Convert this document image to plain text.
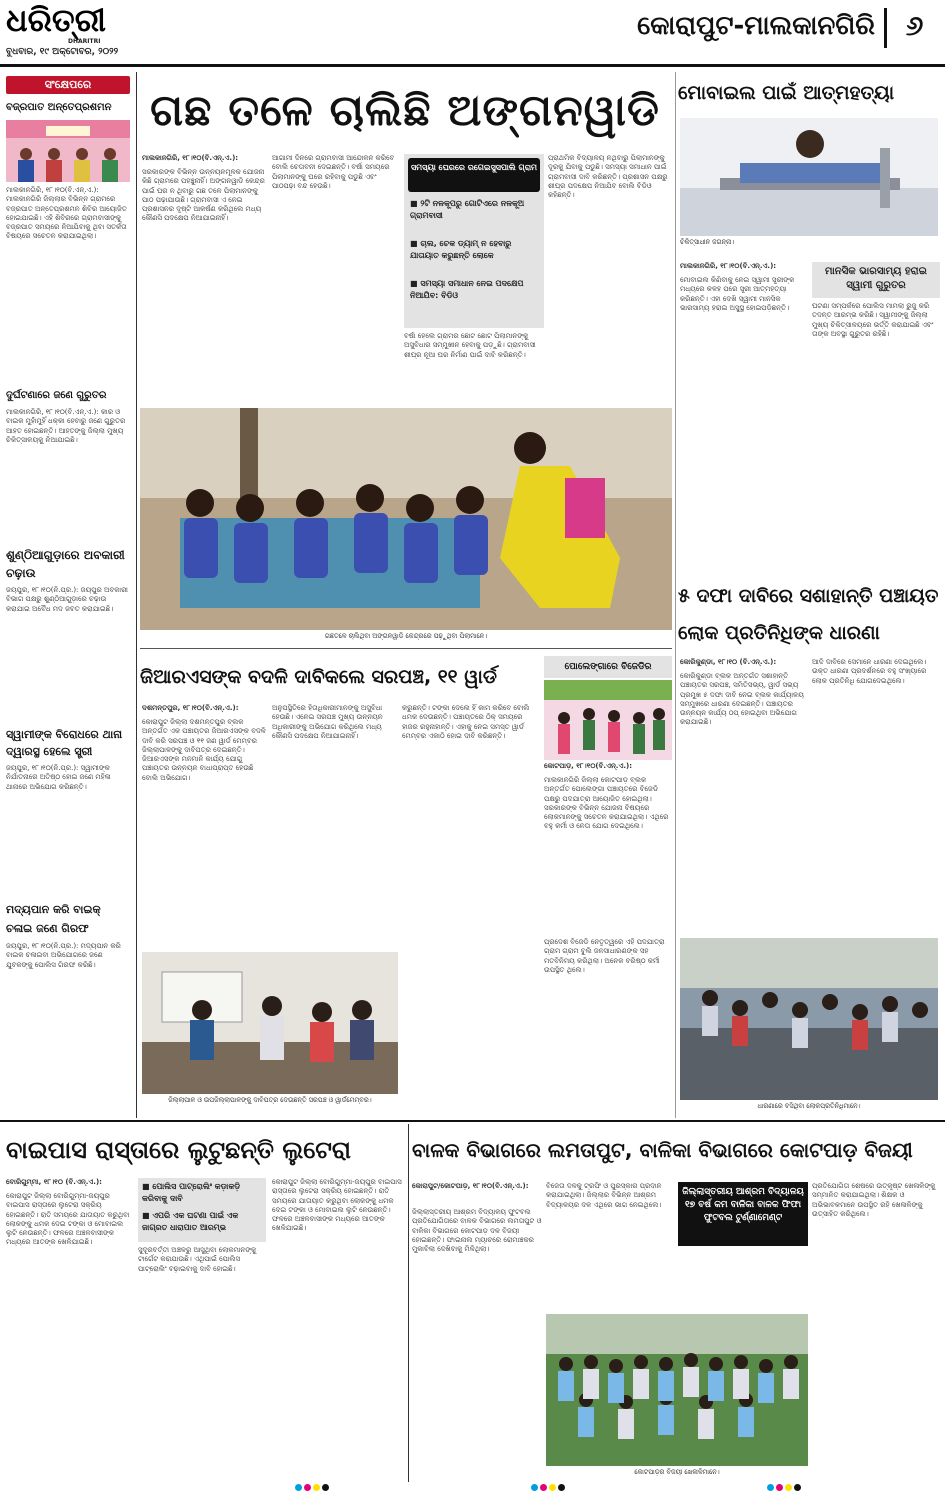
ଧରିତ୍ରୀ
DHARITRI
ବୁଧବାର, ୧୯ ଅକ୍ଟୋବର, ୨୦୨୨
କୋରାପୁଟ-ମାଲକାନଗିରି	୬
ସଂକ୍ଷେପରେ
ବଜ୍ରପାତ ଅନ୍ତେପ୍ରଶମନ
ମାଲକାନଗିରି, ୧୮।୧୦(ବି.ଏନ୍.ଏ.): ମାଲକାନଗିରି ଜିଲ୍ଲାର ବିଭିନ୍ନ ଗ୍ରାମରେ ବଜ୍ରପାତ ଅନ୍ତେପ୍ରଶମନ ଶିବିର ଆୟୋଜିତ ହୋଇଯାଇଛି। ଏହି ଶିବିରରେ ଗ୍ରାମବାସୀଙ୍କୁ ବଜ୍ରପାତ ସମୟରେ ନିଆଯିବାକୁ ଥିବା ସତର୍କତା ବିଷୟରେ ସଚେତନ କରାଯାଇଥିଲା।
ଦୁର୍ଘଟଣାରେ ଜଣେ ଗୁରୁତର
ମାଲକାନଗିରି, ୧୮।୧୦(ବି.ଏନ୍.ଏ.): କାର ଓ ବାଇକ ମୁହାଁମୁହିଁ ଧକ୍କା ହେବାରୁ ଜଣେ ଗୁରୁତର ଆହତ ହୋଇଛନ୍ତି। ଆହତଙ୍କୁ ଜିଲ୍ଲା ମୁଖ୍ୟ ଚିକିତ୍ସାଳୟକୁ ନିଆଯାଇଛି।
ଶୁଣ୍ଠିଆଗୁଡ଼ାରେ ଅବକାରୀ ଚଢ଼ାଉ
ଜୟପୁର, ୧୮।୧୦(ନି.ପ୍ର.): ଜୟପୁର ଅବକାରୀ ବିଭାଗ ପକ୍ଷରୁ ଶୁଣ୍ଠିଆଗୁଡ଼ାରେ ଚଢ଼ାଉ କରାଯାଇ ଅବୈଧ ମଦ ଜବତ କରାଯାଇଛି।
ସ୍ୱାମୀଙ୍କ ବିରୋଧରେ ଥାନା ଦ୍ୱାରସ୍ଥ ହେଲେ ସ୍ତ୍ରୀ
ଜୟପୁର, ୧୮।୧୦(ନି.ପ୍ର.): ସ୍ୱାମୀଙ୍କ ନିର୍ଯାତନାରେ ଅତିଷ୍ଠ ହୋଇ ଜଣେ ମହିଳା ଥାନାରେ ଅଭିଯୋଗ କରିଛନ୍ତି।
ମଦ୍ୟପାନ କରି ବାଇକ୍ ଚଳାଇ ଜଣେ ଗିରଫ
ଜୟପୁର, ୧୮।୧୦(ନି.ପ୍ର.): ମଦ୍ୟପାନ କରି ବାଇକ ଚଳାଇବା ଅଭିଯୋଗରେ ଜଣେ ଯୁବକଙ୍କୁ ପୋଲିସ ଗିରଫ କରିଛି।
ଗଛ ତଳେ ଚାଲିଛି ଅଙ୍ଗନୱାଡି
ମାଲକାନଗିରି, ୧୮।୧୦(ବି.ଏନ୍.ଏ.):
ସରକାରଙ୍କ ବିଭିନ୍ନ ଉନ୍ନୟନମୂଳକ ଯୋଜନା କିଛି ଗ୍ରାମରେ ପହଞ୍ଚୁନାହିଁ। ଅଙ୍ଗନୱାଡି କେନ୍ଦ୍ର ପାଇଁ ଘର ନ ଥିବାରୁ ଗଛ ତଳେ ପିଲାମାନଙ୍କୁ ପାଠ ପଢ଼ାଯାଉଛି। ଗ୍ରାମବାସୀ ଏ ନେଇ ପ୍ରଶାସନର ଦୃଷ୍ଟି ଆକର୍ଷଣ କରିଥିଲେ ମଧ୍ୟ କୌଣସି ପଦକ୍ଷେପ ନିଆଯାଇନାହିଁ।
ଆଗାମୀ ଦିନରେ ଗ୍ରାମବାସୀ ଆନ୍ଦୋଳନ କରିବେ ବୋଲି ଚେତାବନୀ ଦେଇଛନ୍ତି। ବର୍ଷା ସମୟରେ ପିଲାମାନଙ୍କୁ ଘରେ ରହିବାକୁ ପଡୁଛି ଏବଂ ପାଠପଢ଼ା ବନ୍ଦ ହେଉଛି।
ସମସ୍ୟା ଘେରରେ ରଗେଇସୁସପାଲି ଗ୍ରାମ
■ ୨ଟି ନଳକୂପରୁ ଗୋଟିଏରେ ନଳକୂଅ ଗ୍ରାମବାସୀ
■ ଚାଲ, ଚେକ ଡ୍ୟାମ୍ ନ ହେବାରୁ ଯାତାୟାତ କରୁଛନ୍ତି ଲୋକେ
■ ସମସ୍ୟା ସମାଧାନ ନେଇ ପଦକ୍ଷେପ ନିଆଯିବ: ବିଡିଓ
ବର୍ଷା ହେଲେ ଗ୍ରାମର ଛୋଟ ଛୋଟ ପିଲାମାନଙ୍କୁ ଅସୁବିଧାର ସମ୍ମୁଖୀନ ହେବାକୁ ପଡ଼ୁଛି। ଗ୍ରାମବାସୀ ଶୀଘ୍ର ନୂଆ ଘର ନିର୍ମାଣ ପାଇଁ ଦାବି କରିଛନ୍ତି।
ପ୍ରାଥମିକ ବିଦ୍ୟାଳୟ ନଥିବାରୁ ପିଲାମାନଙ୍କୁ ଦୂରକୁ ଯିବାକୁ ପଡୁଛି। ସମସ୍ୟା ସମାଧାନ ପାଇଁ ଗ୍ରାମବାସୀ ଦାବି କରିଛନ୍ତି। ପ୍ରଶାସନ ପକ୍ଷରୁ ଶୀଘ୍ର ପଦକ୍ଷେପ ନିଆଯିବ ବୋଲି ବିଡିଓ କହିଛନ୍ତି।
ଗଛତଳେ ଚାଲିଥିବା ଅଙ୍ଗନୱାଡି କେନ୍ଦ୍ରରେ ପଢ଼ୁଥିବା ପିଲାମାନେ।
ମୋବାଇଲ ପାଇଁ ଆତ୍ମହତ୍ୟା
ଚିକିତ୍ସାଧୀନ ଜଗନ୍ନା।
ମାଲକାନଗିରି, ୧୮।୧୦(ବି.ଏନ୍.ଏ.):
ମୋବାଇଲ କିଣିବାକୁ ନେଇ ସ୍ୱାମୀ ସ୍ତ୍ରୀଙ୍କ ମଧ୍ୟରେ କଳହ ପରେ ସ୍ତ୍ରୀ ଆତ୍ମହତ୍ୟା କରିଛନ୍ତି। ଏହା ଦେଖି ସ୍ୱାମୀ ମାନସିକ ଭାରସାମ୍ୟ ହରାଇ ଅସୁସ୍ଥ ହୋଇପଡ଼ିଛନ୍ତି।
ମାନସିକ ଭାରସାମ୍ୟ ହରାଇ ସ୍ୱାମୀ ଗୁରୁତର
ଘଟଣା ସମ୍ପର୍କରେ ପୋଲିସ ମାମଲା ରୁଜୁ କରି ତଦନ୍ତ ଆରମ୍ଭ କରିଛି। ସ୍ୱାମୀଙ୍କୁ ଜିଲ୍ଲା ମୁଖ୍ୟ ଚିକିତ୍ସାଳୟରେ ଭର୍ତ୍ତି କରାଯାଇଛି ଏବଂ ତାଙ୍କ ଅବସ୍ଥା ଗୁରୁତର ରହିଛି।
୫ ଦଫା ଦାବିରେ ସଶାହାନ୍ତି ପଞ୍ଚାୟତ ଲୋକ ପ୍ରତିନିଧିଙ୍କ ଧାରଣା
କୋରିକୁଣ୍ଡା, ୧୮।୧୦ (ବି.ଏନ୍.ଏ.):
କୋରିକୁଣ୍ଡା ବ୍ଲକ ଅନ୍ତର୍ଗତ ସଶାହାନ୍ତି ପଞ୍ଚାୟତର ସରପଞ୍ଚ, ସମିତିସଭ୍ୟ, ୱାର୍ଡ ସଭ୍ୟ ପ୍ରମୁଖ ୫ ଦଫା ଦାବି ନେଇ ବ୍ଲକ କାର୍ଯ୍ୟାଳୟ ସମ୍ମୁଖରେ ଧାରଣା ଦେଇଛନ୍ତି। ପଞ୍ଚାୟତର ଉନ୍ନୟନ କାର୍ଯ୍ୟ ଠପ୍ ହୋଇଥିବା ଅଭିଯୋଗ କରାଯାଇଛି।
ଆଦି ଦାବିରେ ସେମାନେ ଧାରଣା ଦେଇଥିଲେ। ଉକ୍ତ ଧାରଣା ପ୍ରଦର୍ଶନରେ ବହୁ ସଂଖ୍ୟାରେ ଲୋକ ପ୍ରତିନିଧି ଯୋଗଦେଇଥିଲେ।
ଧାରଣାରେ ବସିଥିବା ଲୋକପ୍ରତିନିଧିମାନେ।
ଜିଆରଏସଙ୍କ ବଦଳି ଦାବିକଲେ ସରପଞ୍ଚ, ୧୧ ୱାର୍ଡ
ଦଶମନ୍ତପୁର, ୧୮।୧୦(ବି.ଏନ୍.ଏ.):
କୋରାପୁଟ ଜିଲ୍ଲା ଦଶମନ୍ତପୁର ବ୍ଲକ ଅନ୍ତର୍ଗତ ଏକ ପଞ୍ଚାୟତର ଜିଆରଏସଙ୍କ ବଦଳି ଦାବି କରି ସରପଞ୍ଚ ଓ ୧୧ ଜଣ ୱାର୍ଡ ମେମ୍ବର ଜିଲ୍ଲାପାଳଙ୍କୁ ଦାବିପତ୍ର ଦେଇଛନ୍ତି। ଜିଆରଏସଙ୍କ ମନମାନି କାର୍ଯ୍ୟ ଯୋଗୁ ପଞ୍ଚାୟତର ଉନ୍ନୟନ ବାଧାପ୍ରାପ୍ତ ହେଉଛି ବୋଲି ଅଭିଯୋଗ।
ଅନୁପସ୍ଥିତିରେ ହିତାଧିକାରୀମାନଙ୍କୁ ଅସୁବିଧା ହେଉଛି। ଏନେଇ ସରପଞ୍ଚ ମୁଖ୍ୟ ଉନ୍ନୟନ ଅଧିକାରୀଙ୍କୁ ଅଭିଯୋଗ କରିଥିଲେ ମଧ୍ୟ କୌଣସି ପଦକ୍ଷେପ ନିଆଯାଇନାହିଁ।
କରୁଛନ୍ତି। ଟଙ୍କା ଦେଲେ ହିଁ କାମ କରିବେ ବୋଲି ଧମକ ଦେଉଛନ୍ତି। ପଞ୍ଚାୟତରେ ଠିକ୍ ସମୟରେ ହାଜର ରହୁନାହାନ୍ତି। ଏହାକୁ ନେଇ ସମସ୍ତ ୱାର୍ଡ ମେମ୍ବର ଏକାଠି ହୋଇ ଦାବି କରିଛନ୍ତି।
ଜିଲ୍ଲାପାଳ ଓ ଉପଜିଲ୍ଲାପାଳଙ୍କୁ ଦାବିପତ୍ର ଦେଉଛନ୍ତି ସରପଞ୍ଚ ଓ ୱାର୍ଡମେମ୍ବର।
ପୋଲେଙ୍ଗାରେ ବିଜେଡିର
କୋଟପାଡ଼, ୧୮।୧୦(ବି.ଏନ୍.ଏ.):
ମାଲକାନଗିରି ଜିଲ୍ଲା କୋଟପାଡ଼ ବ୍ଲକ ଅନ୍ତର୍ଗତ ପୋଲେଙ୍ଗା ପଞ୍ଚାୟତରେ ବିଜେଡି ପକ୍ଷରୁ ପଦଯାତ୍ରା ଆୟୋଜିତ ହୋଇଥିଲା। ସରକାରଙ୍କ ବିଭିନ୍ନ ଯୋଜନା ବିଷୟରେ ଲୋକମାନଙ୍କୁ ସଚେତନ କରାଯାଇଥିଲା। ଏଥିରେ ବହୁ କର୍ମୀ ଓ ନେତା ଯୋଗ ଦେଇଥିଲେ।
ପ୍ରଦେଶ ବିଜେଡି ନେତୃତ୍ୱରେ ଏହି ପଦଯାତ୍ରା ଗ୍ରାମ ଗ୍ରାମ ବୁଲି ଜନସାଧାରଣଙ୍କ ସହ ମତବିନିମୟ କରିଥିଲା। ଅନେକ ବରିଷ୍ଠ କର୍ମୀ ଉପସ୍ଥିତ ଥିଲେ।
ବାଇପାସ ରାସ୍ତାରେ ଲୁଟୁଛନ୍ତି ଲୁଟେରା
ବୋରିଗୁମ୍ମା, ୧୮।୧୦ (ବି.ଏନ୍.ଏ.):
କୋରାପୁଟ ଜିଲ୍ଲା ବୋରିଗୁମ୍ମା-ଜୟପୁର ବାଇପାସ ରାସ୍ତାରେ ଲୁଟେରା ସକ୍ରିୟ ହୋଇଛନ୍ତି। ରାତି ସମୟରେ ଯାତାୟାତ କରୁଥିବା ଲୋକଙ୍କୁ ଧମକ ଦେଇ ଟଙ୍କା ଓ ମୋବାଇଲ ଲୁଟି ନେଉଛନ୍ତି। ଫଳରେ ଅଞ୍ଚଳବାସୀଙ୍କ ମଧ୍ୟରେ ଆତଙ୍କ ଖେଳିଯାଇଛି।
■ ପୋଲିସ ପାଟ୍ରୋଲିଂ କଡ଼ାକଡ଼ି କରିବାକୁ ଦାବି
■ ଏପରି ଏକ ଘଟଣା ପାଇଁ ଏକ ଜାଗ୍ରତ ଧାରାପାତ ଆରମ୍ଭ
ସୁଦୂରବର୍ତ୍ତୀ ଅଞ୍ଚଳରୁ ଆସୁଥିବା ଲୋକମାନଙ୍କୁ ଟାର୍ଗେଟ କରାଯାଉଛି। ଏଥିପାଇଁ ପୋଲିସ ପାଟ୍ରୋଲିଂ ବଢ଼ାଇବାକୁ ଦାବି ହୋଇଛି।
କୋରାପୁଟ ଜିଲ୍ଲା ବୋରିଗୁମ୍ମା-ଜୟପୁର ବାଇପାସ ରାସ୍ତାରେ ଲୁଟେରା ସକ୍ରିୟ ହୋଇଛନ୍ତି। ରାତି ସମୟରେ ଯାତାୟାତ କରୁଥିବା ଲୋକଙ୍କୁ ଧମକ ଦେଇ ଟଙ୍କା ଓ ମୋବାଇଲ ଲୁଟି ନେଉଛନ୍ତି। ଫଳରେ ଅଞ୍ଚଳବାସୀଙ୍କ ମଧ୍ୟରେ ଆତଙ୍କ ଖେଳିଯାଇଛି।
ବାଳକ ବିଭାଗରେ ଲମତାପୁଟ, ବାଳିକା ବିଭାଗରେ କୋଟପାଡ଼ ବିଜୟୀ
କୋରାପୁଟ/କୋଟପାଡ଼, ୧୮।୧୦(ବି.ଏନ୍.ଏ.):
ଜିଲ୍ଲାସ୍ତରୀୟ ଆଶ୍ରମ ବିଦ୍ୟାଳୟ ଫୁଟବଲ ପ୍ରତିଯୋଗିତାରେ ବାଳକ ବିଭାଗରେ ଲମତାପୁଟ ଓ ବାଳିକା ବିଭାଗରେ କୋଟପାଡ଼ ଦଳ ବିଜୟୀ ହୋଇଛନ୍ତି। ଫାଇନାଲ ମ୍ୟାଚରେ ରୋମାଞ୍ଚକର ମୁକାବିଲା ଦେଖିବାକୁ ମିଳିଥିଲା।
ବିଜେତା ଦଳକୁ ଟ୍ରଫି ଓ ପୁରସ୍କାର ପ୍ରଦାନ କରାଯାଇଥିଲା। ଜିଲ୍ଲାର ବିଭିନ୍ନ ଆଶ୍ରମ ବିଦ୍ୟାଳୟର ଦଳ ଏଥିରେ ଭାଗ ନେଇଥିଲେ।
ଜିଲ୍ଲାସ୍ତରୀୟ ଆଶ୍ରମ ବିଦ୍ୟାଳୟ ୧୭ ବର୍ଷ କମ ବାଳିକା ବାଳକ ଫିଫା ଫୁଟବଲ ଟୁର୍ଣ୍ଣାମେଣ୍ଟ
ପ୍ରତିଯୋଗିତା ଶେଷରେ ଉତ୍କୃଷ୍ଟ ଖେଳାଳିଙ୍କୁ ସମ୍ମାନିତ କରାଯାଇଥିଲା। ଶିକ୍ଷକ ଓ ଅଭିଭାବକମାନେ ଉପସ୍ଥିତ ରହି ଖେଳାଳିଙ୍କୁ ଉତ୍ସାହିତ କରିଥିଲେ।
କୋଟପାଡ଼ର ବିଜୟୀ ଖେଳାଳିମାନେ।
